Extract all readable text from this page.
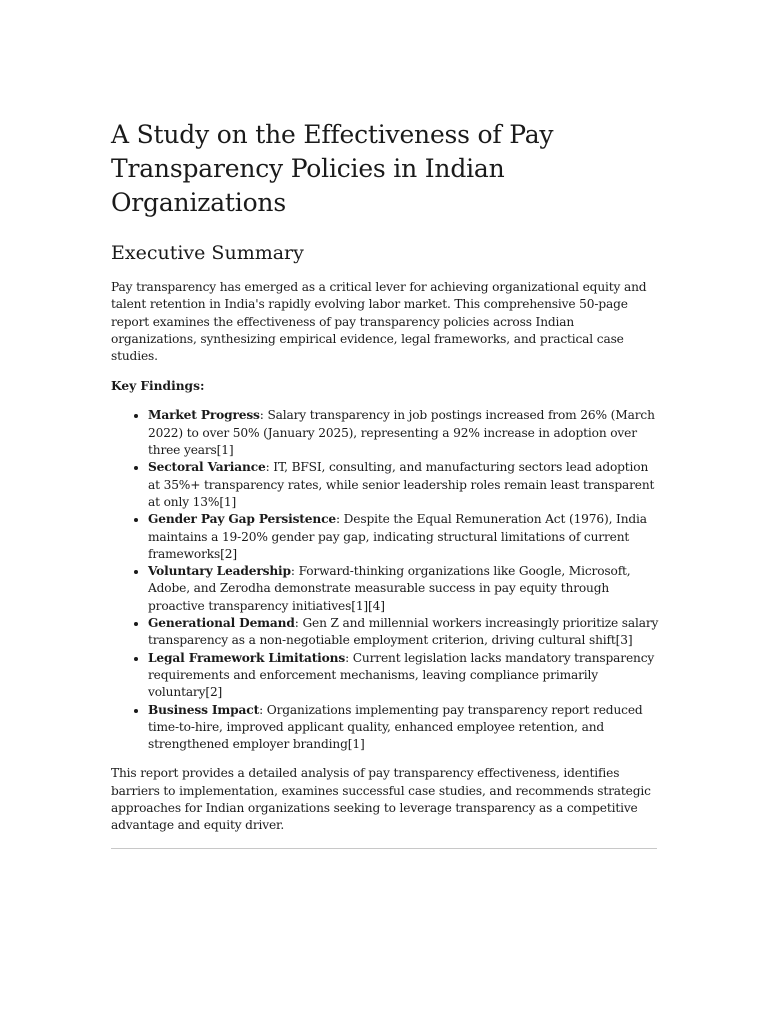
A Study on the Effectiveness of Pay Transparency Policies in Indian Organizations
Executive Summary

Pay transparency has emerged as a critical lever for achieving organizational equity and talent retention in India's rapidly evolving labor market. This comprehensive 50-page report examines the effectiveness of pay transparency policies across Indian organizations, synthesizing empirical evidence, legal frameworks, and practical case studies.

Key Findings:
• Market Progress: Salary transparency in job postings increased from 26% (March 2022) to over 50% (January 2025), representing a 92% increase in adoption over three years[1]
• Sectoral Variance: IT, BFSI, consulting, and manufacturing sectors lead adoption at 35%+ transparency rates, while senior leadership roles remain least transparent at only 13%[1]
• Gender Pay Gap Persistence: Despite the Equal Remuneration Act (1976), India maintains a 19-20% gender pay gap, indicating structural limitations of current frameworks[2]
• Voluntary Leadership: Forward-thinking organizations like Google, Microsoft, Adobe, and Zerodha demonstrate measurable success in pay equity through proactive transparency initiatives[1][4]
• Generational Demand: Gen Z and millennial workers increasingly prioritize salary transparency as a non-negotiable employment criterion, driving cultural shift[3]
• Legal Framework Limitations: Current legislation lacks mandatory transparency requirements and enforcement mechanisms, leaving compliance primarily voluntary[2]
• Business Impact: Organizations implementing pay transparency report reduced time-to-hire, improved applicant quality, enhanced employee retention, and strengthened employer branding[1]

This report provides a detailed analysis of pay transparency effectiveness, identifies barriers to implementation, examines successful case studies, and recommends strategic approaches for Indian organizations seeking to leverage transparency as a competitive advantage and equity driver.
